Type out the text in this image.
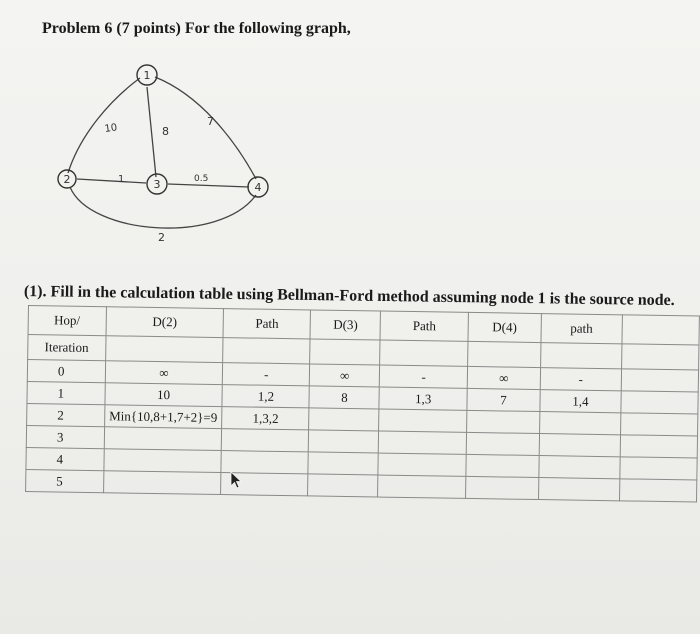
Problem 6 (7 points) For the following graph,
1
2	3	4
10	8
7
1	0.5
2
(1). Fill in the calculation table using Bellman-Ford method assuming node 1 is the source node.
Hop/	D(2)	Path	D(3)	Path	D(4)	path	
Iteration							
0	∞	-	∞	-	∞	-	
1	10	1,2	8	1,3	7	1,4	
2	Min{10,8+1,7+2}=9	1,3,2					
3							
4							
5							
